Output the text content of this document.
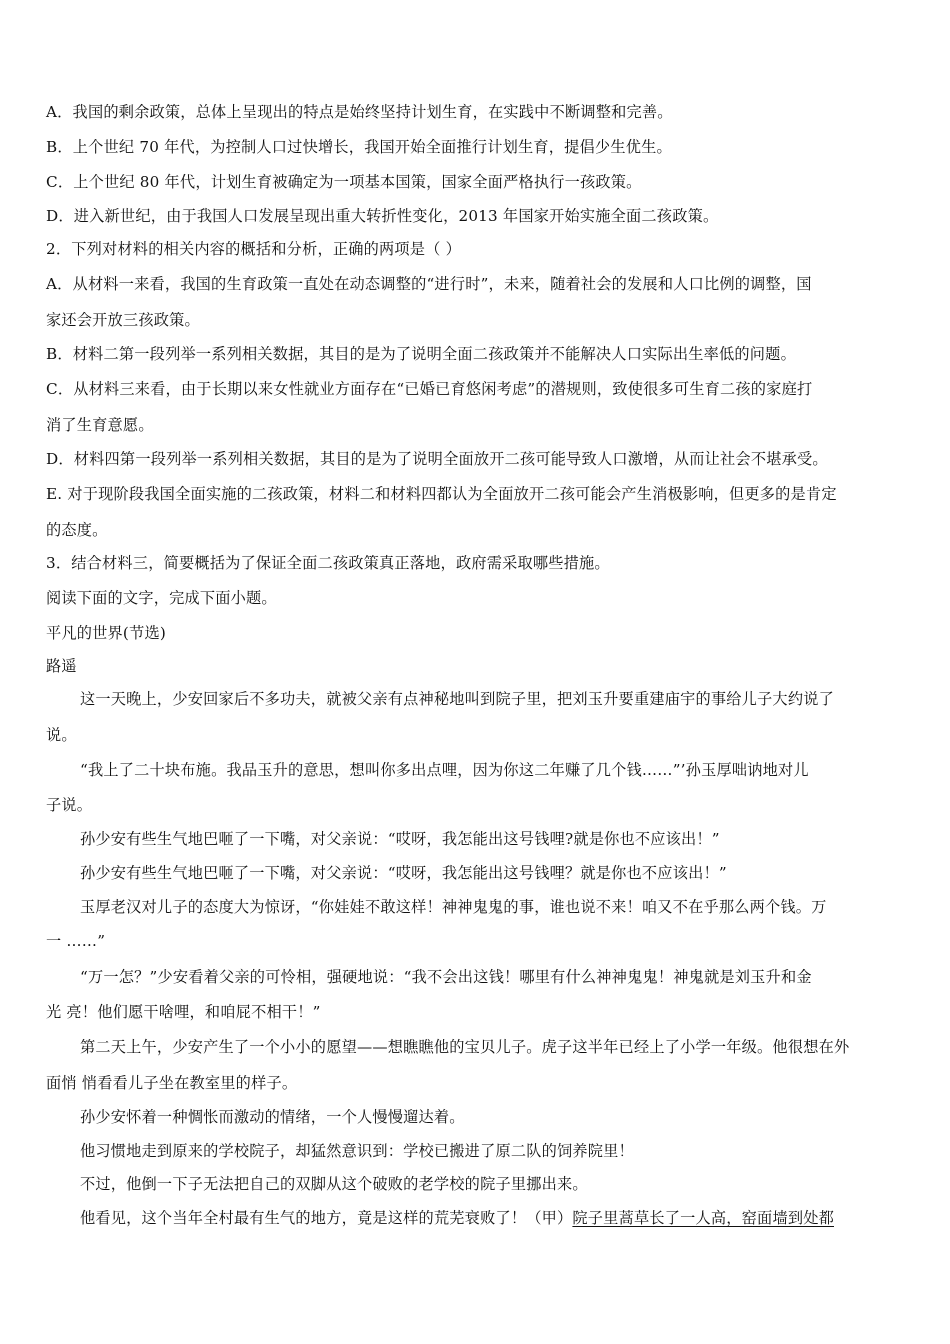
A．我国的剩余政策，总体上呈现出的特点是始终坚持计划生育，在实践中不断调整和完善。
B．上个世纪 70 年代，为控制人口过快增长，我国开始全面推行计划生育，提倡少生优生。
C．上个世纪 80 年代，计划生育被确定为一项基本国策，国家全面严格执行一孩政策。
D．进入新世纪，由于我国人口发展呈现出重大转折性变化，2013 年国家开始实施全面二孩政策。
2．下列对材料的相关内容的概括和分析，正确的两项是（ ）
A．从材料一来看，我国的生育政策一直处在动态调整的“进行时”，未来，随着社会的发展和人口比例的调整，国
家还会开放三孩政策。
B．材料二第一段列举一系列相关数据，其目的是为了说明全面二孩政策并不能解决人口实际出生率低的问题。
C．从材料三来看，由于长期以来女性就业方面存在“已婚已育悠闲考虑”的潜规则，致使很多可生育二孩的家庭打
消了生育意愿。
D．材料四第一段列举一系列相关数据，其目的是为了说明全面放开二孩可能导致人口激增，从而让社会不堪承受。
E. 对于现阶段我国全面实施的二孩政策，材料二和材料四都认为全面放开二孩可能会产生消极影响，但更多的是肯定
的态度。
3．结合材料三，简要概括为了保证全面二孩政策真正落地，政府需采取哪些措施。
阅读下面的文字，完成下面小题。
平凡的世界(节选)
路遥
这一天晚上，少安回家后不多功夫，就被父亲有点神秘地叫到院子里，把刘玉升要重建庙宇的事给儿子大约说了
说。
“我上了二十块布施。我品玉升的意思，想叫你多出点哩，因为你这二年赚了几个钱……”’孙玉厚咄讷地对儿
子说。
孙少安有些生气地巴咂了一下嘴，对父亲说：“哎呀，我怎能出这号钱哩?就是你也不应该出！”
孙少安有些生气地巴咂了一下嘴，对父亲说：“哎呀，我怎能出这号钱哩？就是你也不应该出！”
玉厚老汉对儿子的态度大为惊讶，“你娃娃不敢这样！神神鬼鬼的事，谁也说不来！咱又不在乎那么两个钱。万
一 ……”
“万一怎？”少安看着父亲的可怜相，强硬地说：“我不会出这钱！哪里有什么神神鬼鬼！神鬼就是刘玉升和金
光 亮！他们愿干啥哩，和咱屁不相干！”
第二天上午，少安产生了一个小小的愿望——想瞧瞧他的宝贝儿子。虎子这半年已经上了小学一年级。他很想在外
面悄 悄看看儿子坐在教室里的样子。
孙少安怀着一种惆怅而激动的情绪，一个人慢慢遛达着。
他习惯地走到原来的学校院子，却猛然意识到：学校已搬进了原二队的饲养院里！
不过，他倒一下子无法把自己的双脚从这个破败的老学校的院子里挪出来。
他看见，这个当年全村最有生气的地方，竟是这样的荒芜衰败了！（甲）院子里蒿草长了一人高，窑面墙到处都
